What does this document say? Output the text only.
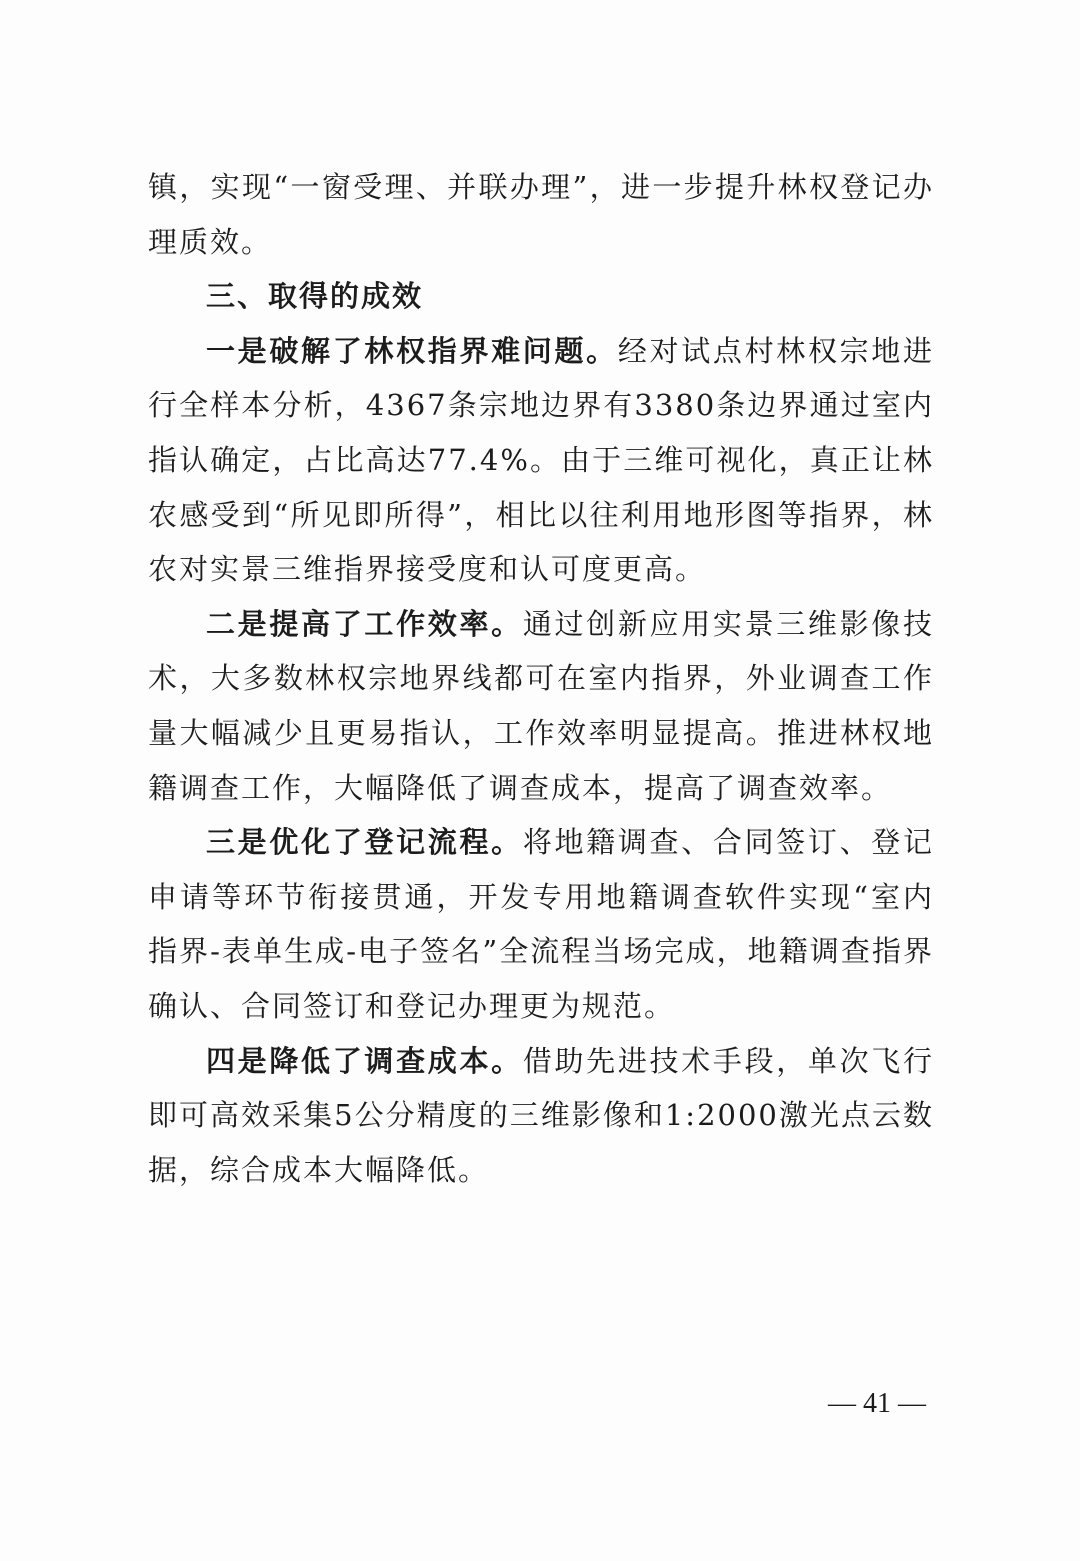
镇，实现“一窗受理、并联办理”，进一步提升林权登记办理质效。

三、取得的成效

一是破解了林权指界难问题。经对试点村林权宗地进行全样本分析，4367条宗地边界有3380条边界通过室内指认确定，占比高达77.4%。由于三维可视化，真正让林农感受到“所见即所得”，相比以往利用地形图等指界，林农对实景三维指界接受度和认可度更高。

二是提高了工作效率。通过创新应用实景三维影像技术，大多数林权宗地界线都可在室内指界，外业调查工作量大幅减少且更易指认，工作效率明显提高。推进林权地籍调查工作，大幅降低了调查成本，提高了调查效率。

三是优化了登记流程。将地籍调查、合同签订、登记申请等环节衔接贯通，开发专用地籍调查软件实现“室内指界-表单生成-电子签名”全流程当场完成，地籍调查指界确认、合同签订和登记办理更为规范。

四是降低了调查成本。借助先进技术手段，单次飞行即可高效采集5公分精度的三维影像和1:2000激光点云数据，综合成本大幅降低。

— 41 —
